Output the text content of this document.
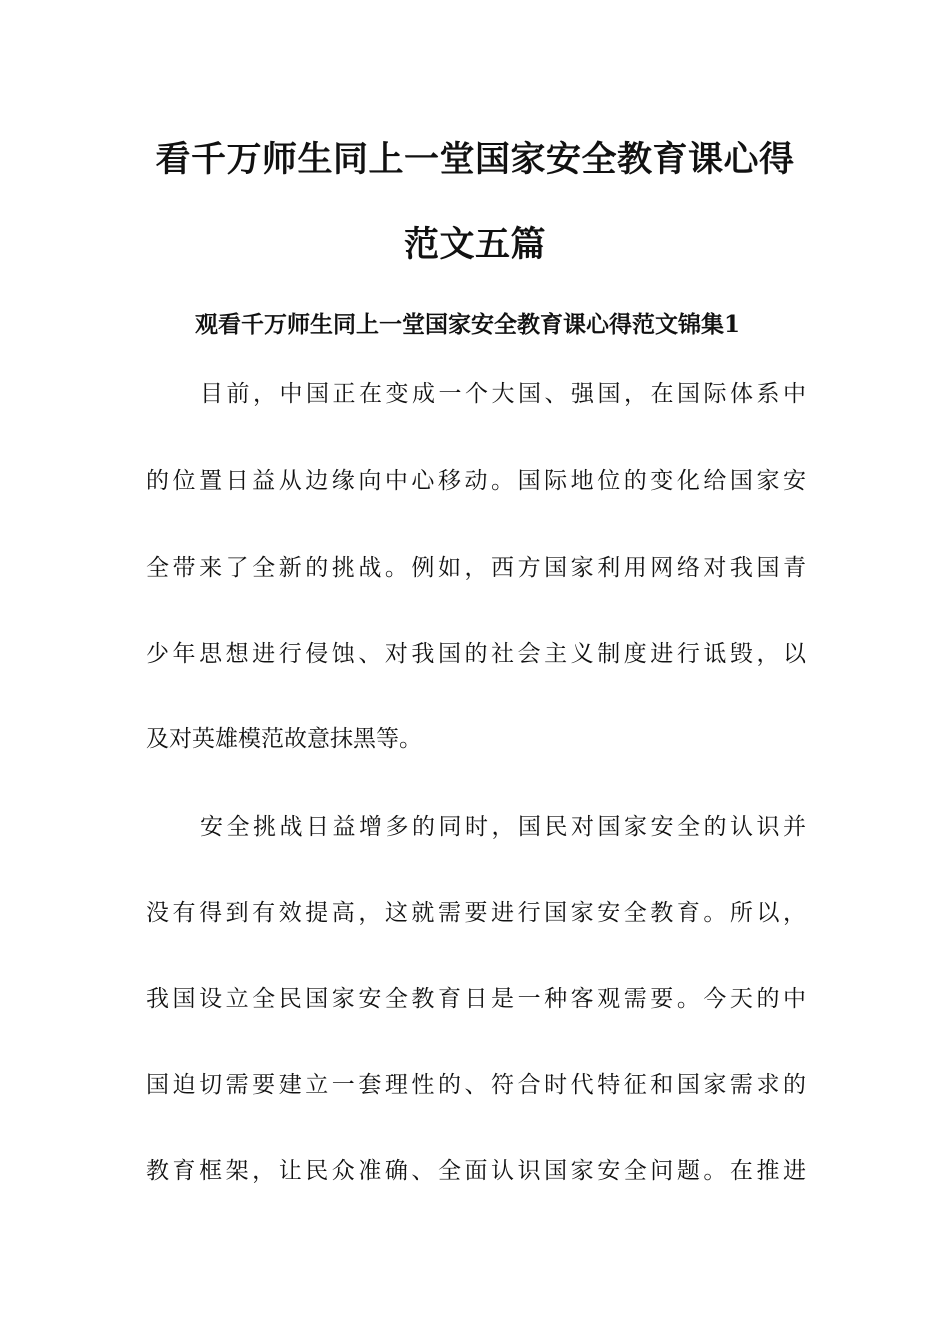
看千万师生同上一堂国家安全教育课心得
范文五篇
观看千万师生同上一堂国家安全教育课心得范文锦集1
目前，中国正在变成一个大国、强国，在国际体系中
的位置日益从边缘向中心移动。国际地位的变化给国家安
全带来了全新的挑战。例如，西方国家利用网络对我国青
少年思想进行侵蚀、对我国的社会主义制度进行诋毁，以
及对英雄模范故意抹黑等。
安全挑战日益增多的同时，国民对国家安全的认识并
没有得到有效提高，这就需要进行国家安全教育。所以，
我国设立全民国家安全教育日是一种客观需要。今天的中
国迫切需要建立一套理性的、符合时代特征和国家需求的
教育框架，让民众准确、全面认识国家安全问题。在推进
